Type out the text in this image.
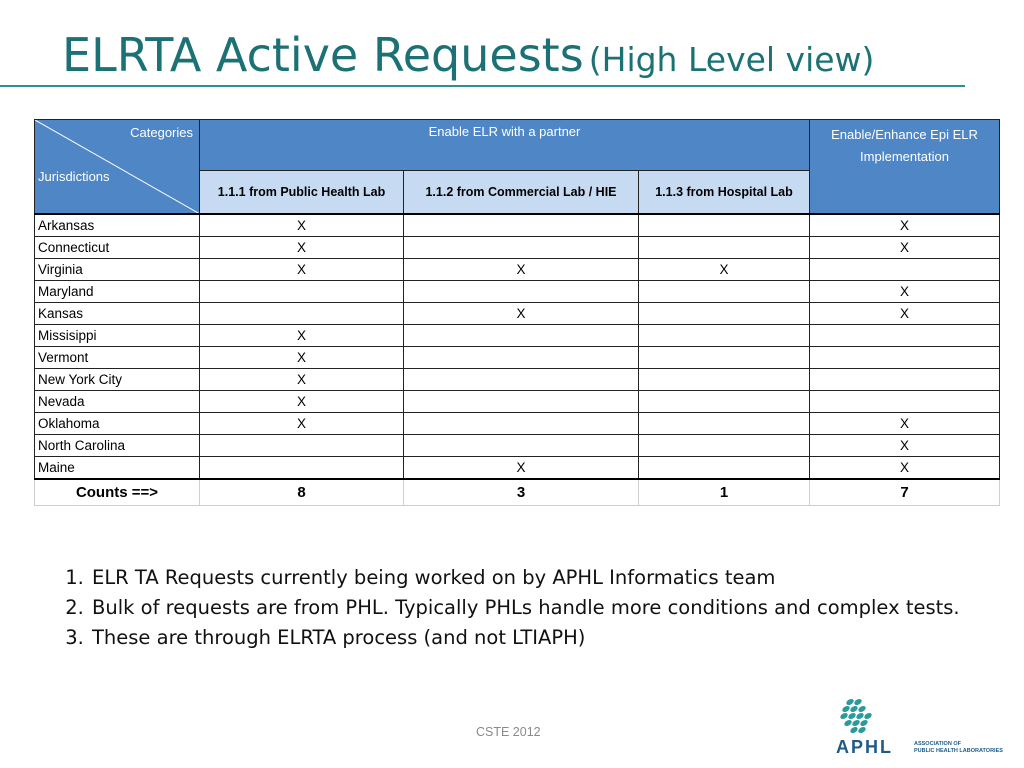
ELRTA Active Requests (High Level view)
Categories
Jurisdictions	Enable ELR with a partner			Enable/Enhance Epi ELR
Implementation
	1.1.1 from Public Health Lab	1.1.2 from Commercial Lab / HIE	1.1.3 from Hospital Lab	
Arkansas	X			X
Connecticut	X			X
Virginia	X	X	X	
Maryland				X
Kansas		X		X
Missisippi	X			
Vermont	X			
New York City	X			
Nevada	X			
Oklahoma	X			X
North Carolina				X
Maine		X		X
Counts ==>	8	3	1	7
1. ELR TA Requests currently being worked on by APHL Informatics team
2. Bulk of requests are from PHL. Typically PHLs handle more conditions and complex tests.
3. These are through ELRTA process (and not LTIAPH)
CSTE 2012
APHL	ASSOCIATION OF
PUBLIC HEALTH LABORATORIES
